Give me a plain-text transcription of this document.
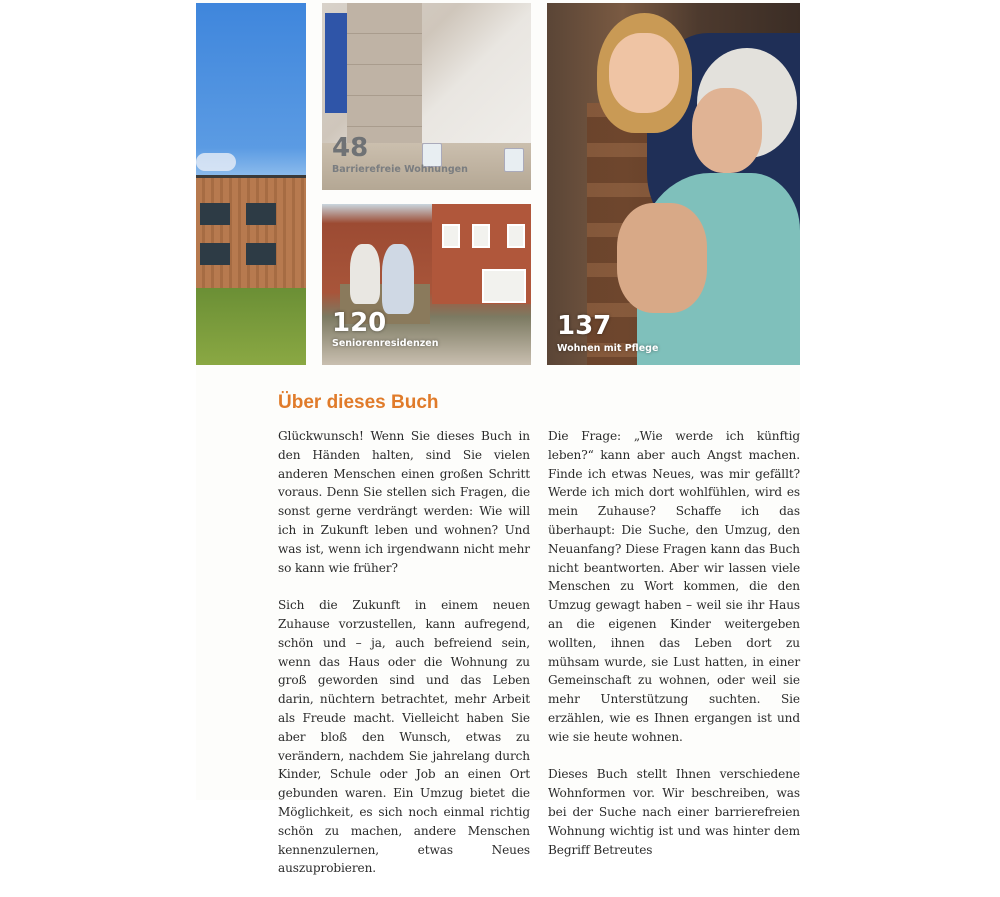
48
Barrierefreie Wohnungen
120
Seniorenresidenzen
137
Wohnen mit Pflege
Über dieses Buch

Glückwunsch! Wenn Sie dieses Buch in den Händen halten, sind Sie vielen anderen Menschen einen großen Schritt voraus. Denn Sie stellen sich Fragen, die sonst gerne verdrängt werden: Wie will ich in Zukunft leben und wohnen? Und was ist, wenn ich irgendwann nicht mehr so kann wie früher?

Sich die Zukunft in einem neuen Zuhause vorzustellen, kann aufregend, schön und – ja, auch befreiend sein, wenn das Haus oder die Wohnung zu groß geworden sind und das Leben darin, nüchtern betrachtet, mehr Arbeit als Freude macht. Vielleicht haben Sie aber bloß den Wunsch, etwas zu verändern, nachdem Sie jahrelang durch Kinder, Schule oder Job an einen Ort gebunden waren. Ein Umzug bietet die Möglichkeit, es sich noch einmal richtig schön zu machen, andere Menschen kennenzulernen, etwas Neues auszuprobieren.

Die Frage: „Wie werde ich künftig leben?“ kann aber auch Angst machen. Finde ich etwas Neues, was mir gefällt? Werde ich mich dort wohlfühlen, wird es mein Zuhause? Schaffe ich das überhaupt: Die Suche, den Umzug, den Neuanfang? Diese Fragen kann das Buch nicht beantworten. Aber wir lassen viele Menschen zu Wort kommen, die den Umzug gewagt haben – weil sie ihr Haus an die eigenen Kinder weitergeben wollten, ihnen das Leben dort zu mühsam wurde, sie Lust hatten, in einer Gemeinschaft zu wohnen, oder weil sie mehr Unterstützung suchten. Sie erzählen, wie es Ihnen ergangen ist und wie sie heute wohnen.

Dieses Buch stellt Ihnen verschiedene Wohnformen vor. Wir beschreiben, was bei der Suche nach einer barrierefreien Wohnung wichtig ist und was hinter dem Begriff Betreutes
